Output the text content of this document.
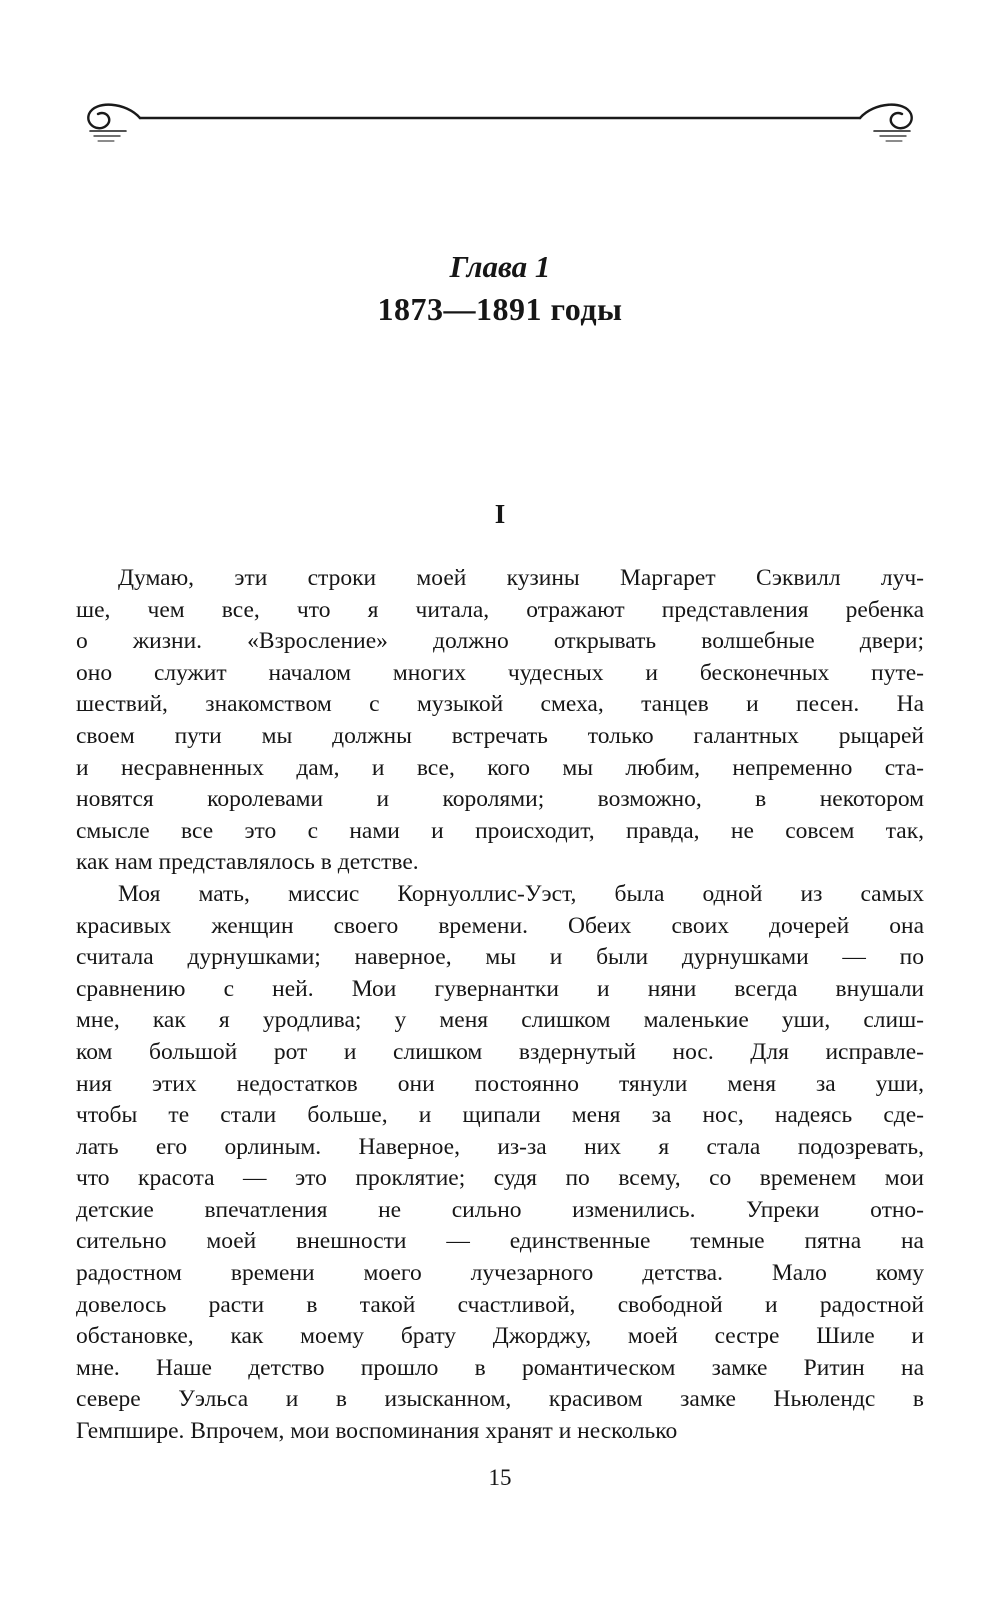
Глава 1
1873—1891 годы
I
Думаю, эти строки моей кузины Маргарет Сэквилл луч-
ше, чем все, что я читала, отражают представления ребенка
о жизни. «Взросление» должно открывать волшебные двери;
оно служит началом многих чудесных и бесконечных путе-
шествий, знакомством с музыкой смеха, танцев и песен. На
своем пути мы должны встречать только галантных рыцарей
и несравненных дам, и все, кого мы любим, непременно ста-
новятся королевами и королями; возможно, в некотором
смысле все это с нами и происходит, правда, не совсем так,
как нам представлялось в детстве.
Моя мать, миссис Корнуоллис-Уэст, была одной из самых
красивых женщин своего времени. Обеих своих дочерей она
считала дурнушками; наверное, мы и были дурнушками — по
сравнению с ней. Мои гувернантки и няни всегда внушали
мне, как я уродлива; у меня слишком маленькие уши, слиш-
ком большой рот и слишком вздернутый нос. Для исправле-
ния этих недостатков они постоянно тянули меня за уши,
чтобы те стали больше, и щипали меня за нос, надеясь сде-
лать его орлиным. Наверное, из-за них я стала подозревать,
что красота — это проклятие; судя по всему, со временем мои
детские впечатления не сильно изменились. Упреки отно-
сительно моей внешности — единственные темные пятна на
радостном времени моего лучезарного детства. Мало кому
довелось расти в такой счастливой, свободной и радостной
обстановке, как моему брату Джорджу, моей сестре Шиле и
мне. Наше детство прошло в романтическом замке Ритин на
севере Уэльса и в изысканном, красивом замке Ньюлендс в
Гемпшире. Впрочем, мои воспоминания хранят и несколько
15
